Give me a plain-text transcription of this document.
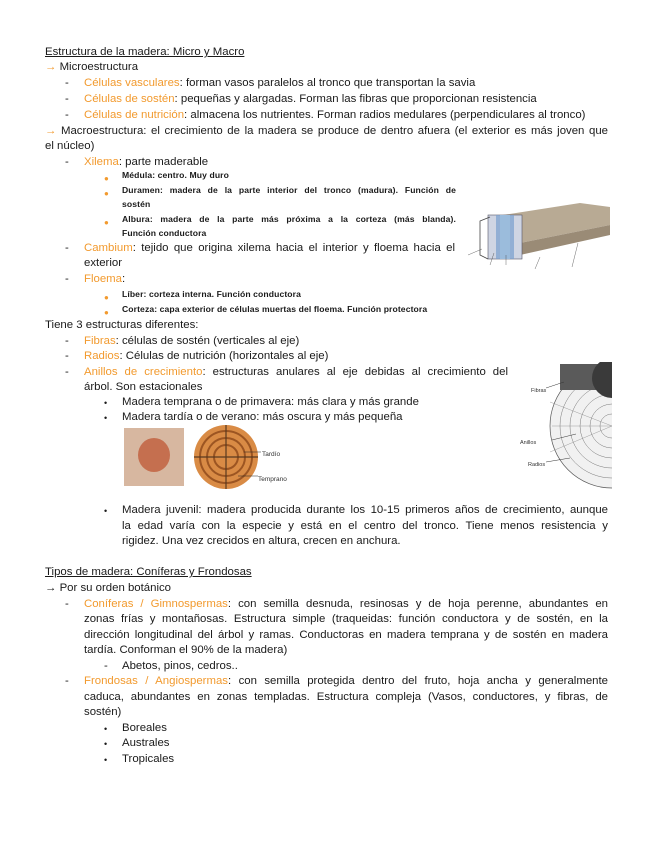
Estructura de la madera: Micro y Macro
→ Microestructura
- Células vasculares: forman vasos paralelos al tronco que transportan la savia
- Células de sostén: pequeñas y alargadas. Forman las fibras que proporcionan resistencia
- Células de nutrición: almacena los nutrientes. Forman radios medulares (perpendiculares al tronco)
→ Macroestructura: el crecimiento de la madera se produce de dentro afuera (el exterior es más joven que
el núcleo)
- Xilema: parte maderable
● Médula: centro. Muy duro
● Duramen: madera de la parte interior del tronco (madura). Función de
sostén
● Albura: madera de la parte más próxima a la corteza (más blanda).
Función conductora
- Cambium: tejido que origina xilema hacia el interior y floema hacia el
exterior
- Floema:
● Líber: corteza interna. Función conductora
● Corteza: capa exterior de células muertas del floema. Función protectora
Tiene 3 estructuras diferentes:
- Fibras: células de sostén (verticales al eje)
- Radios: Células de nutrición (horizontales al eje)
- Anillos de crecimiento: estructuras anulares al eje debidas al crecimiento del
árbol. Son estacionales
• Madera temprana o de primavera: más clara y más grande
• Madera tardía o de verano: más oscura y más pequeña
• Madera juvenil: madera producida durante los 10-15 primeros años de crecimiento, aunque
la edad varía con la especie y está en el centro del tronco. Tiene menos resistencia y
rigidez. Una vez crecidos en altura, crecen en anchura.
Fibras
Anillos
Radios
Tardío
Temprano
Tipos de madera: Coníferas y Frondosas
→ Por su orden botánico
- Coníferas / Gimnospermas: con semilla desnuda, resinosas y de hoja perenne, abundantes en
zonas frías y montañosas. Estructura simple (traqueidas: función conductora y de sostén, en la
dirección longitudinal del árbol y ramas. Conductoras en madera temprana y de sostén en madera
tardía. Conforman el 90% de la madera)
- Abetos, pinos, cedros..
- Frondosas / Angiospermas: con semilla protegida dentro del fruto, hoja ancha y generalmente
caduca, abundantes en zonas templadas. Estructura compleja (Vasos, conductores, y fibras, de
sostén)
• Boreales
• Australes
• Tropicales
